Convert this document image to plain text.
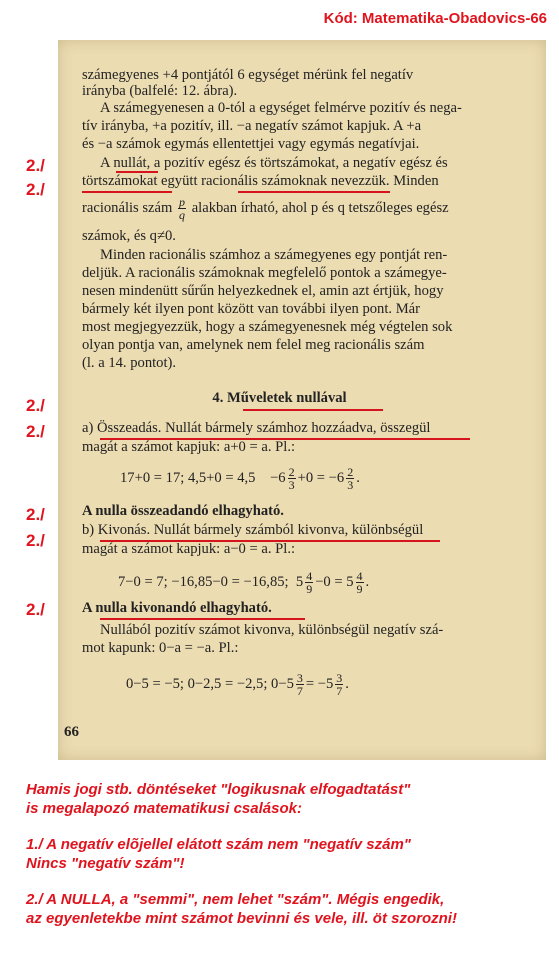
Kód: Matematika-Obadovics-66
2./
2./
2./
2./
2./
2./
2./
számegyenes +4 pontjától 6 egységet mérünk fel negatív
irányba (balfelé: 12. ábra).
A számegyenesen a 0-tól a egységet felmérve pozitív és nega-
tív irányba, +a pozitív, ill. −a negatív számot kapjuk. A +a
és −a számok egymás ellentettjei vagy egymás negatívjai.
A nullát, a pozitív egész és törtszámokat, a negatív egész és
törtszámokat együtt racionális számoknak nevezzük. Minden
racionális szám $\frac{p}{q}$ alakban írható, ahol p és q tetszőleges egész
számok, és q≠0.
Minden racionális számhoz a számegyenes egy pontját ren-
deljük. A racionális számoknak megfelelő pontok a számegye-
nesen mindenütt sűrűn helyezkednek el, amin azt értjük, hogy
bármely két ilyen pont között van további ilyen pont. Már
most megjegyezzük, hogy a számegyenesnek még végtelen sok
olyan pontja van, amelynek nem felel meg racionális szám
(l. a 14. pontot).
4. Műveletek nullával
a) Összeadás. Nullát bármely számhoz hozzáadva, összegül
magát a számot kapjuk: a+0 = a. Pl.:
17+0 = 17; $4,5+0 = 4,5 -6 \frac{2}{3} +0 = -6 \frac{2}{3}$ .
A nulla összeadandó elhagyható.
b) Kivonás. Nullát bármely számból kivonva, különbségül
magát a számot kapjuk: a−0 = a. Pl.:
7−0 = 7; −16,85−0 = −16,85; $5 \frac{4}{9} -0 = 5 \frac{4}{9}$ .
A nulla kivonandó elhagyható.
Nullából pozitív számot kivonva, különbségül negatív szá-
mot kapunk: 0−a = −a. Pl.:
0−5 = −5; 0−2,5 = −2,5; $0-5 \frac{3}{7} = -5 \frac{3}{7}$ .
66
Hamis jogi stb. döntéseket "logikusnak elfogadtatást"
is megalapozó matematikusi csalások:
1./ A negatív elõjellel elátott szám nem "negatív szám"
Nincs "negatív szám"!
2./ A NULLA, a "semmi", nem lehet "szám". Mégis engedik,
az egyenletekbe mint számot bevinni és vele, ill. öt szorozni!
